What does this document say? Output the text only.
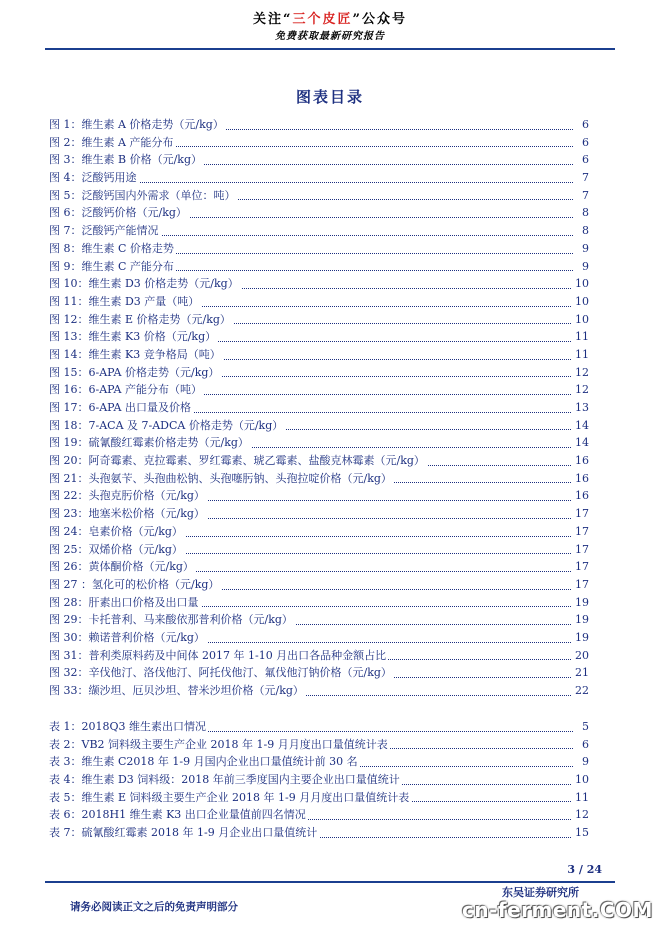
关注“三个皮匠”公众号
免费获取最新研究报告
图表目录
图 1：维生素 A 价格走势（元/kg）	6
图 2：维生素 A 产能分布	6
图 3：维生素 B 价格（元/kg）	6
图 4：泛酸钙用途	7
图 5：泛酸钙国内外需求（单位：吨）	7
图 6：泛酸钙价格（元/kg）	8
图 7：泛酸钙产能情况	8
图 8：维生素 C 价格走势	9
图 9：维生素 C 产能分布	9
图 10：维生素 D3 价格走势（元/kg）	10
图 11：维生素 D3 产量（吨）	10
图 12：维生素 E 价格走势（元/kg）	10
图 13：维生素 K3 价格（元/kg）	11
图 14：维生素 K3 竞争格局（吨）	11
图 15：6-APA 价格走势（元/kg）	12
图 16：6-APA 产能分布（吨）	12
图 17：6-APA 出口量及价格	13
图 18：7-ACA 及 7-ADCA 价格走势（元/kg）	14
图 19：硫氰酸红霉素价格走势（元/kg）	14
图 20：阿奇霉素、克拉霉素、罗红霉素、琥乙霉素、盐酸克林霉素（元/kg）	16
图 21：头孢氨苄、头孢曲松钠、头孢噻肟钠、头孢拉啶价格（元/kg）	16
图 22：头孢克肟价格（元/kg）	16
图 23：地塞米松价格（元/kg）	17
图 24：皂素价格（元/kg）	17
图 25：双烯价格（元/kg）	17
图 26：黄体酮价格（元/kg）	17
图 27 ：氢化可的松价格（元/kg）	17
图 28：肝素出口价格及出口量	19
图 29：卡托普利、马来酸依那普利价格（元/kg）	19
图 30：赖诺普利价格（元/kg）	19
图 31：普利类原料药及中间体 2017 年 1-10 月出口各品种金额占比	20
图 32：辛伐他汀、洛伐他汀、阿托伐他汀、氟伐他汀钠价格（元/kg）	21
图 33：缬沙坦、厄贝沙坦、替米沙坦价格（元/kg）	22
表 1：2018Q3 维生素出口情况	5
表 2：VB2 饲料级主要生产企业 2018 年 1-9 月月度出口量值统计表	6
表 3：维生素 C2018 年 1-9 月国内企业出口量值统计前 30 名	9
表 4：维生素 D3 饲料级：2018 年前三季度国内主要企业出口量值统计	10
表 5：维生素 E 饲料级主要生产企业 2018 年 1-9 月月度出口量值统计表	11
表 6：2018H1 维生素 K3 出口企业量值前四名情况	12
表 7：硫氰酸红霉素 2018 年 1-9 月企业出口量值统计	15
3 / 24
请务必阅读正文之后的免责声明部分
东吴证券研究所
cn-ferment.COM
